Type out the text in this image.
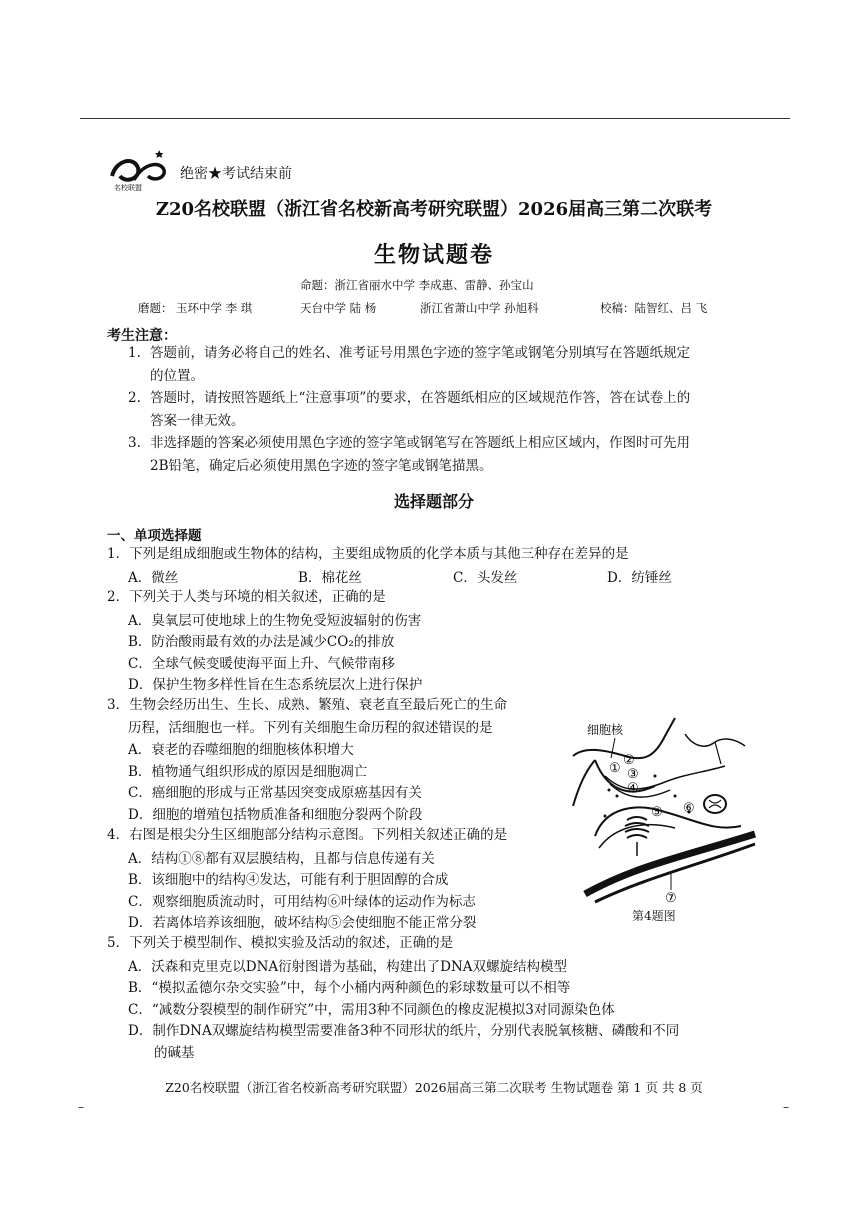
名校联盟
绝密★考试结束前
Z20名校联盟（浙江省名校新高考研究联盟）2026届高三第二次联考
生物试题卷
命题：浙江省丽水中学 李成惠、雷静、孙宝山
磨题： 玉环中学 李 琪	天台中学 陆 杨	浙江省萧山中学 孙旭科	校稿：陆智红、吕 飞
考生注意：
1. 答题前，请务必将自己的姓名、准考证号用黑色字迹的签字笔或钢笔分别填写在答题纸规定
的位置。
2. 答题时，请按照答题纸上“注意事项”的要求，在答题纸相应的区域规范作答，答在试卷上的
答案一律无效。
3. 非选择题的答案必须使用黑色字迹的签字笔或钢笔写在答题纸上相应区域内，作图时可先用
2B铅笔，确定后必须使用黑色字迹的签字笔或钢笔描黑。
选择题部分
一、单项选择题
1．下列是组成细胞或生物体的结构，主要组成物质的化学本质与其他三种存在差异的是
A．微丝	B．棉花丝	C．头发丝	D．纺锤丝
2．下列关于人类与环境的相关叙述，正确的是
A．臭氧层可使地球上的生物免受短波辐射的伤害
B．防治酸雨最有效的办法是减少CO₂的排放
C．全球气候变暖使海平面上升、气候带南移
D．保护生物多样性旨在生态系统层次上进行保护
3．生物会经历出生、生长、成熟、繁殖、衰老直至最后死亡的生命
历程，活细胞也一样。下列有关细胞生命历程的叙述错误的是
A．衰老的吞噬细胞的细胞核体积增大
B．植物通气组织形成的原因是细胞凋亡
C．癌细胞的形成与正常基因突变成原癌基因有关
D．细胞的增殖包括物质准备和细胞分裂两个阶段
4．右图是根尖分生区细胞部分结构示意图。下列相关叙述正确的是
A．结构①⑧都有双层膜结构，且都与信息传递有关
B．该细胞中的结构④发达，可能有利于胆固醇的合成
C．观察细胞质流动时，可用结构⑥叶绿体的运动作为标志
D．若离体培养该细胞，破坏结构⑤会使细胞不能正常分裂
5．下列关于模型制作、模拟实验及活动的叙述，正确的是
A．沃森和克里克以DNA衍射图谱为基础，构建出了DNA双螺旋结构模型
B．“模拟孟德尔杂交实验”中，每个小桶内两种颜色的彩球数量可以不相等
C．“减数分裂模型的制作研究”中，需用3种不同颜色的橡皮泥模拟3对同源染色体
D．制作DNA双螺旋结构模型需要准备3种不同形状的纸片，分别代表脱氧核糖、磷酸和不同
的碱基
细胞核
①
②
③
④
⑤ ⑥
⑦
第4题图
Z20名校联盟（浙江省名校新高考研究联盟）2026届高三第二次联考 生物试题卷 第 1 页 共 8 页
–	–
